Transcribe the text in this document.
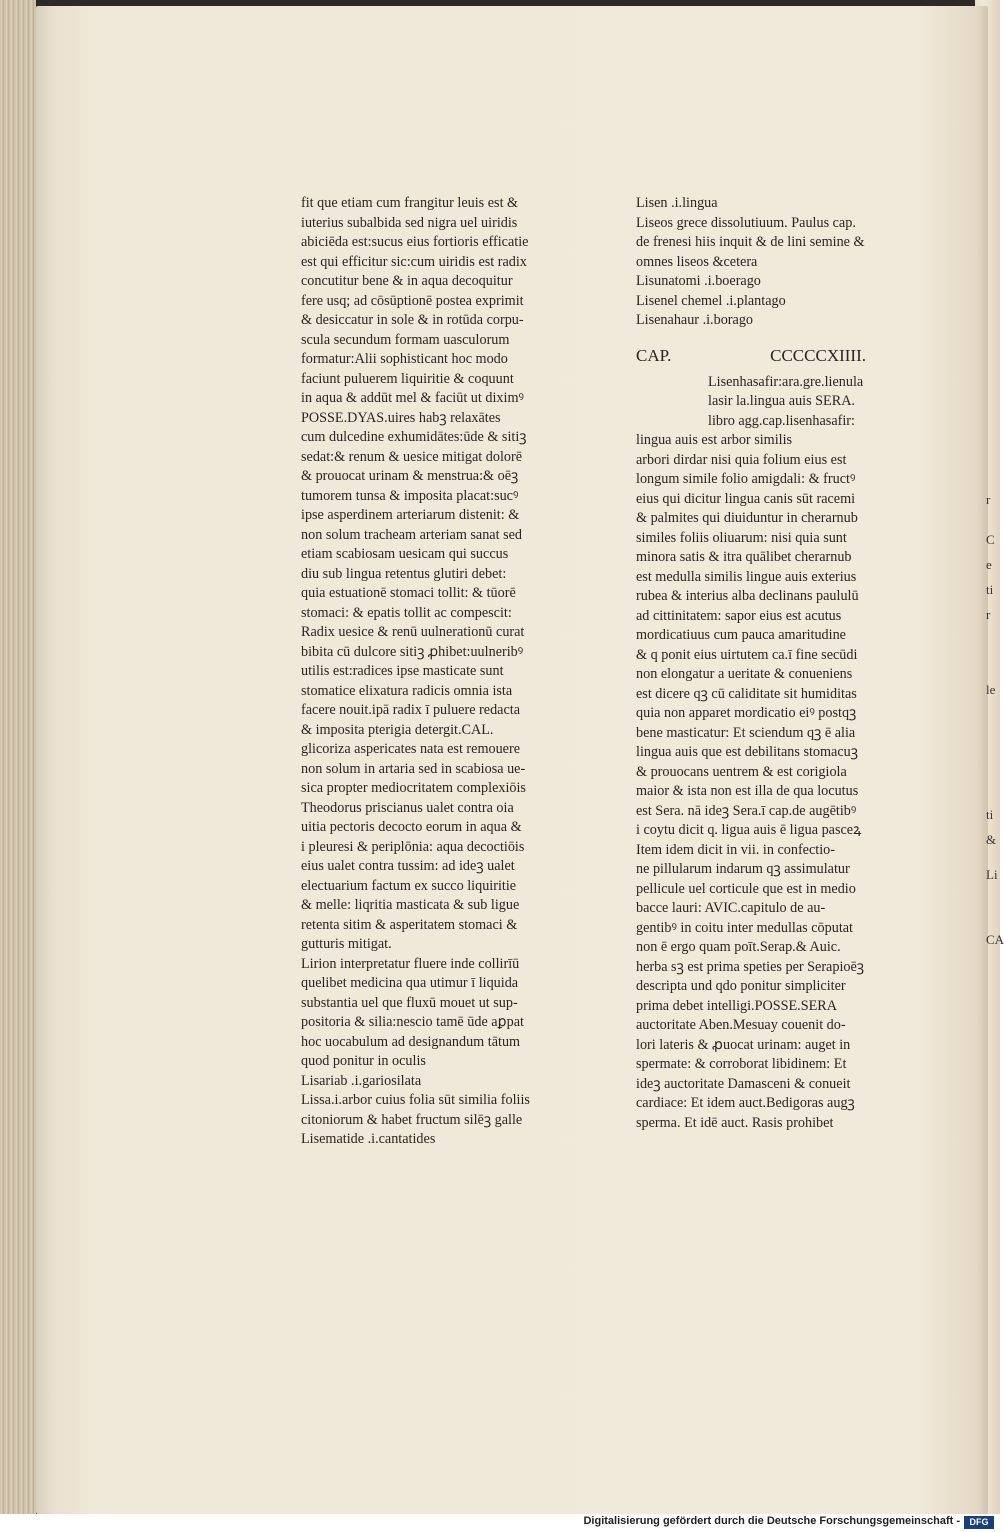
fit que etiam cum frangitur leuis est &
iuterius subalbida sed nigra uel uiridis
abiciēda est:sucus eius fortioris efficatie
est qui efficitur sic:cum uiridis est radix
concutitur bene & in aqua decoquitur
fere usq; ad cōsūptionē postea exprimit
& desiccatur in sole & in rotūda corpu-
scula secundum formam uasculorum
formatur:Alii sophisticant hoc modo
faciunt puluerem liquiritie & coquunt
in aqua & addūt mel & faciūt ut diximꝰ
POSSE.DYAS.uires habꝫ relaxātes
cum dulcedine exhumidātes:ūde & sitiꝫ
sedat:& renum & uesice mitigat dolorē
& prouocat urinam & menstrua:& oēꝫ
tumorem tunsa & imposita placat:sucꝰ
ipse asperdinem arteriarum distenit: &
non solum tracheam arteriam sanat sed
etiam scabiosam uesicam qui succus
diu sub lingua retentus glutiri debet:
quia estuationē stomaci tollit: & tūorē
stomaci: & epatis tollit ac compescit:
Radix uesice & renū uulnerationū curat
bibita cū dulcore sitiꝫ ꝓhibet:uulneribꝰ
utilis est:radices ipse masticate sunt
stomatice elixatura radicis omnia ista
facere nouit.ipā radix ī puluere redacta
& imposita pterigia detergit.CAL.
glicoriza aspericates nata est remouere
non solum in artaria sed in scabiosa ue-
sica propter mediocritatem complexiōis
Theodorus priscianus ualet contra oia
uitia pectoris decocto eorum in aqua &
i pleuresi & periplōnia: aqua decoctiōis
eius ualet contra tussim: ad ideꝫ ualet
electuarium factum ex succo liquiritie
& melle: liqritia masticata & sub ligue
retenta sitim & asperitatem stomaci &
gutturis mitigat.
Lirion interpretatur fluere inde collirīū
quelibet medicina qua utimur ī liquida
substantia uel que fluxū mouet ut sup-
positoria & silia:nescio tamē ūde aꝑpat
hoc uocabulum ad designandum tātum
quod ponitur in oculis
Lisariab .i.gariosilata
Lissa.i.arbor cuius folia sūt similia foliis
citoniorum & habet fructum silēꝫ galle
Lisematide .i.cantatides
Lisen .i.lingua
Liseos grece dissolutiuum. Paulus cap.
de frenesi hiis inquit & de lini semine &
omnes liseos &cetera
Lisunatomi .i.boerago
Lisenel chemel .i.plantago
Lisenahaur .i.borago
CAP.	CCCCCXIIII.
Lisenhasafir:ara.gre.lienula
lasir la.lingua auis SERA.
libro agg.cap.lisenhasafir:
lingua auis est arbor similis
arbori dirdar nisi quia folium eius est
longum simile folio amigdali: & fructꝰ
eius qui dicitur lingua canis sūt racemi
& palmites qui diuiduntur in cherarnub
similes foliis oliuarum: nisi quia sunt
minora satis & itra quālibet cherarnub
est medulla similis lingue auis exterius
rubea & interius alba declinans paululū
ad cittinitatem: sapor eius est acutus
mordicatiuus cum pauca amaritudine
& q ponit eius uirtutem ca.ī fine secūdi
non elongatur a ueritate & conueniens
est dicere qꝫ cū caliditate sit humiditas
quia non apparet mordicatio eiꝰ postqꝫ
bene masticatur: Et sciendum qꝫ ē alia
lingua auis que est debilitans stomacuꝫ
& prouocans uentrem & est corigiola
maior & ista non est illa de qua locutus
est Sera. nā ideꝫ Sera.ī cap.de augētibꝰ
i coytu dicit q. ligua auis ē ligua pasceꝝ
Item idem dicit in vii. in confectio-
ne pillularum indarum qꝫ assimulatur
pellicule uel corticule que est in medio
bacce lauri: AVIC.capitulo de au-
gentibꝰ in coitu inter medullas cōputat
non ē ergo quam poīt.Serap.& Auic.
herba sꝫ est prima speties per Serapioēꝫ
descripta und qdo ponitur simpliciter
prima debet intelligi.POSSE.SERA
auctoritate Aben.Mesuay couenit do-
lori lateris & ꝓuocat urinam: auget in
spermate: & corroborat libidinem: Et
ideꝫ auctoritate Damasceni & conueit
cardiace: Et idem auct.Bedigoras augꝫ
sperma. Et idē auct. Rasis prohibet
r
C
e
ti
r
le
ti
&
Li
CA
Digitalisierung gefördert durch die Deutsche Forschungsgemeinschaft -	DFG
